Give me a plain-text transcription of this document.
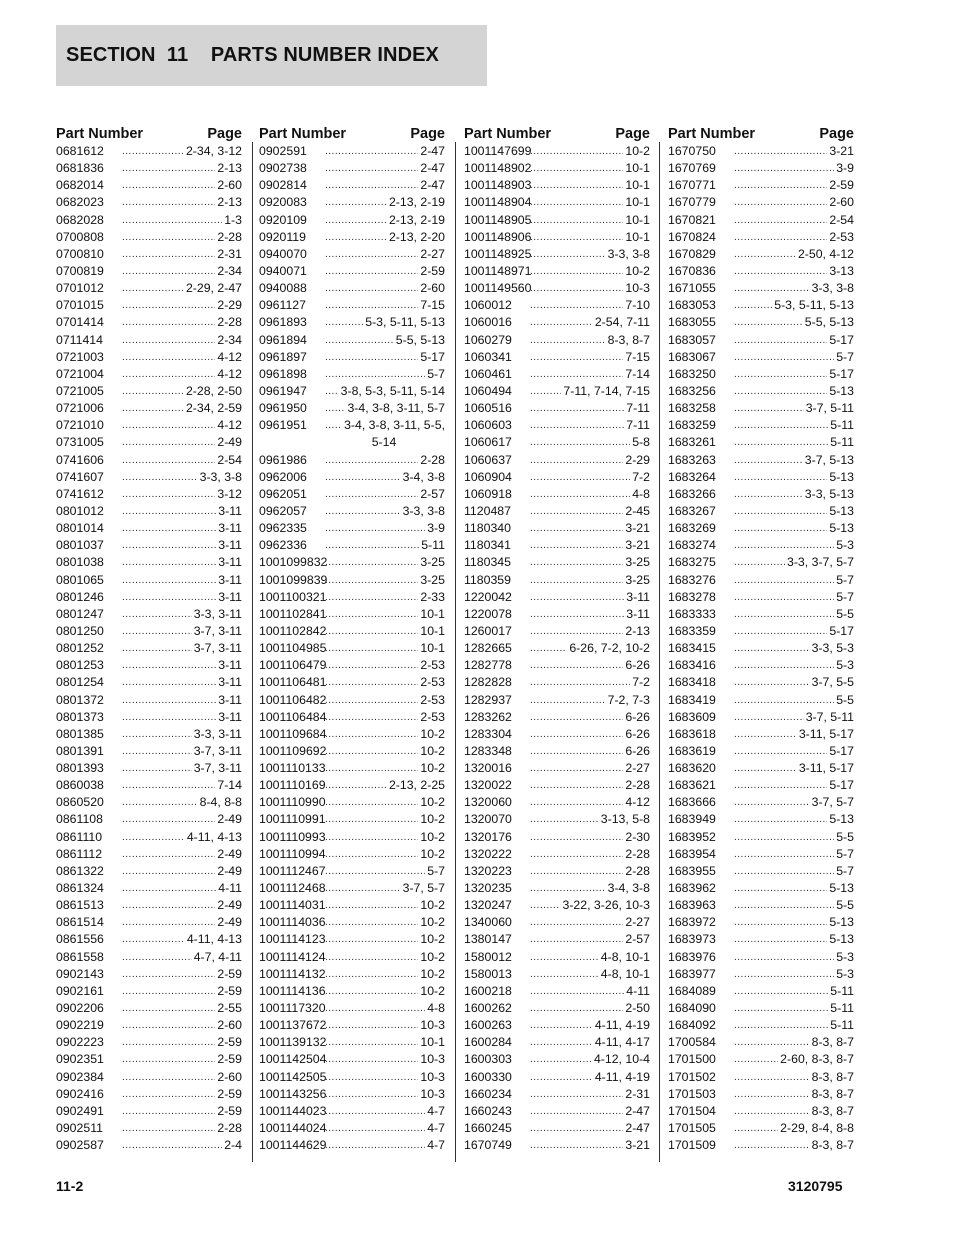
SECTION  11    PARTS NUMBER INDEX
Part Number	Page
0681612 .....	2-34, 3-12
0681836 .....	2-13
0682014 .....	2-60
0682023 .....	2-13
0682028 .....	1-3
0700808 .....	2-28
0700810 .....	2-31
0700819 .....	2-34
0701012 .....	2-29, 2-47
0701015 .....	2-29
0701414 .....	2-28
0711414 .....	2-34
0721003 .....	4-12
0721004 .....	4-12
0721005 .....	2-28, 2-50
0721006 .....	2-34, 2-59
0721010 .....	4-12
0731005 .....	2-49
0741606 .....	2-54
0741607 .....	3-3, 3-8
0741612 .....	3-12
0801012 .....	3-11
0801014 .....	3-11
0801037 .....	3-11
0801038 .....	3-11
0801065 .....	3-11
0801246 .....	3-11
0801247 .....	3-3, 3-11
0801250 .....	3-7, 3-11
0801252 .....	3-7, 3-11
0801253 .....	3-11
0801254 .....	3-11
0801372 .....	3-11
0801373 .....	3-11
0801385 .....	3-3, 3-11
0801391 .....	3-7, 3-11
0801393 .....	3-7, 3-11
0860038 .....	7-14
0860520 .....	8-4, 8-8
0861108 .....	2-49
0861110 .....	4-11, 4-13
0861112 .....	2-49
0861322 .....	2-49
0861324 .....	4-11
0861513 .....	2-49
0861514 .....	2-49
0861556 .....	4-11, 4-13
0861558 .....	4-7, 4-11
0902143 .....	2-59
0902161 .....	2-59
0902206 .....	2-55
0902219 .....	2-60
0902223 .....	2-59
0902351 .....	2-59
0902384 .....	2-60
0902416 .....	2-59
0902491 .....	2-59
0902511 .....	2-28
0902587 .....	2-4
Part Number	Page
0902591 .....	2-47
0902738 .....	2-47
0902814 .....	2-47
0920083 .....	2-13, 2-19
0920109 .....	2-13, 2-19
0920119 .....	2-13, 2-20
0940070 .....	2-27
0940071 .....	2-59
0940088 .....	2-60
0961127 .....	7-15
0961893 .....	5-3, 5-11, 5-13
0961894 .....	5-5, 5-13
0961897 .....	5-17
0961898 .....	5-7
0961947 .....	3-8, 5-3, 5-11, 5-14
0961950 .....	3-4, 3-8, 3-11, 5-7
0961951 .....	3-4, 3-8, 3-11, 5-5,
5-14
0961986 .....	2-28
0962006 .....	3-4, 3-8
0962051 .....	2-57
0962057 .....	3-3, 3-8
0962335 .....	3-9
0962336 .....	5-11
1001099832 .....	3-25
1001099839 .....	3-25
1001100321 .....	2-33
1001102841 .....	10-1
1001102842 .....	10-1
1001104985 .....	10-1
1001106479 .....	2-53
1001106481 .....	2-53
1001106482 .....	2-53
1001106484 .....	2-53
1001109684 .....	10-2
1001109692 .....	10-2
1001110133 .....	10-2
1001110169 .....	2-13, 2-25
1001110990 .....	10-2
1001110991 .....	10-2
1001110993 .....	10-2
1001110994 .....	10-2
1001112467 .....	5-7
1001112468 .....	3-7, 5-7
1001114031 .....	10-2
1001114036 .....	10-2
1001114123 .....	10-2
1001114124 .....	10-2
1001114132 .....	10-2
1001114136 .....	10-2
1001117320 .....	4-8
1001137672 .....	10-3
1001139132 .....	10-1
1001142504 .....	10-3
1001142505 .....	10-3
1001143256 .....	10-3
1001144023 .....	4-7
1001144024 .....	4-7
1001144629 .....	4-7
Part Number	Page
1001147699 .....	10-2
1001148902 .....	10-1
1001148903 .....	10-1
1001148904 .....	10-1
1001148905 .....	10-1
1001148906 .....	10-1
1001148925 .....	3-3, 3-8
1001148971 .....	10-2
1001149560 .....	10-3
1060012 .....	7-10
1060016 .....	2-54, 7-11
1060279 .....	8-3, 8-7
1060341 .....	7-15
1060461 .....	7-14
1060494 .....	7-11, 7-14, 7-15
1060516 .....	7-11
1060603 .....	7-11
1060617 .....	5-8
1060637 .....	2-29
1060904 .....	7-2
1060918 .....	4-8
1120487 .....	2-45
1180340 .....	3-21
1180341 .....	3-21
1180345 .....	3-25
1180359 .....	3-25
1220042 .....	3-11
1220078 .....	3-11
1260017 .....	2-13
1282665 .....	6-26, 7-2, 10-2
1282778 .....	6-26
1282828 .....	7-2
1282937 .....	7-2, 7-3
1283262 .....	6-26
1283304 .....	6-26
1283348 .....	6-26
1320016 .....	2-27
1320022 .....	2-28
1320060 .....	4-12
1320070 .....	3-13, 5-8
1320176 .....	2-30
1320222 .....	2-28
1320223 .....	2-28
1320235 .....	3-4, 3-8
1320247 .....	3-22, 3-26, 10-3
1340060 .....	2-27
1380147 .....	2-57
1580012 .....	4-8, 10-1
1580013 .....	4-8, 10-1
1600218 .....	4-11
1600262 .....	2-50
1600263 .....	4-11, 4-19
1600284 .....	4-11, 4-17
1600303 .....	4-12, 10-4
1600330 .....	4-11, 4-19
1660234 .....	2-31
1660243 .....	2-47
1660245 .....	2-47
1670749 .....	3-21
Part Number	Page
1670750 .....	3-21
1670769 .....	3-9
1670771 .....	2-59
1670779 .....	2-60
1670821 .....	2-54
1670824 .....	2-53
1670829 .....	2-50, 4-12
1670836 .....	3-13
1671055 .....	3-3, 3-8
1683053 .....	5-3, 5-11, 5-13
1683055 .....	5-5, 5-13
1683057 .....	5-17
1683067 .....	5-7
1683250 .....	5-17
1683256 .....	5-13
1683258 .....	3-7, 5-11
1683259 .....	5-11
1683261 .....	5-11
1683263 .....	3-7, 5-13
1683264 .....	5-13
1683266 .....	3-3, 5-13
1683267 .....	5-13
1683269 .....	5-13
1683274 .....	5-3
1683275 .....	3-3, 3-7, 5-7
1683276 .....	5-7
1683278 .....	5-7
1683333 .....	5-5
1683359 .....	5-17
1683415 .....	3-3, 5-3
1683416 .....	5-3
1683418 .....	3-7, 5-5
1683419 .....	5-5
1683609 .....	3-7, 5-11
1683618 .....	3-11, 5-17
1683619 .....	5-17
1683620 .....	3-11, 5-17
1683621 .....	5-17
1683666 .....	3-7, 5-7
1683949 .....	5-13
1683952 .....	5-5
1683954 .....	5-7
1683955 .....	5-7
1683962 .....	5-13
1683963 .....	5-5
1683972 .....	5-13
1683973 .....	5-13
1683976 .....	5-3
1683977 .....	5-3
1684089 .....	5-11
1684090 .....	5-11
1684092 .....	5-11
1700584 .....	8-3, 8-7
1701500 .....	2-60, 8-3, 8-7
1701502 .....	8-3, 8-7
1701503 .....	8-3, 8-7
1701504 .....	8-3, 8-7
1701505 .....	2-29, 8-4, 8-8
1701509 .....	8-3, 8-7
11-2	3120795
